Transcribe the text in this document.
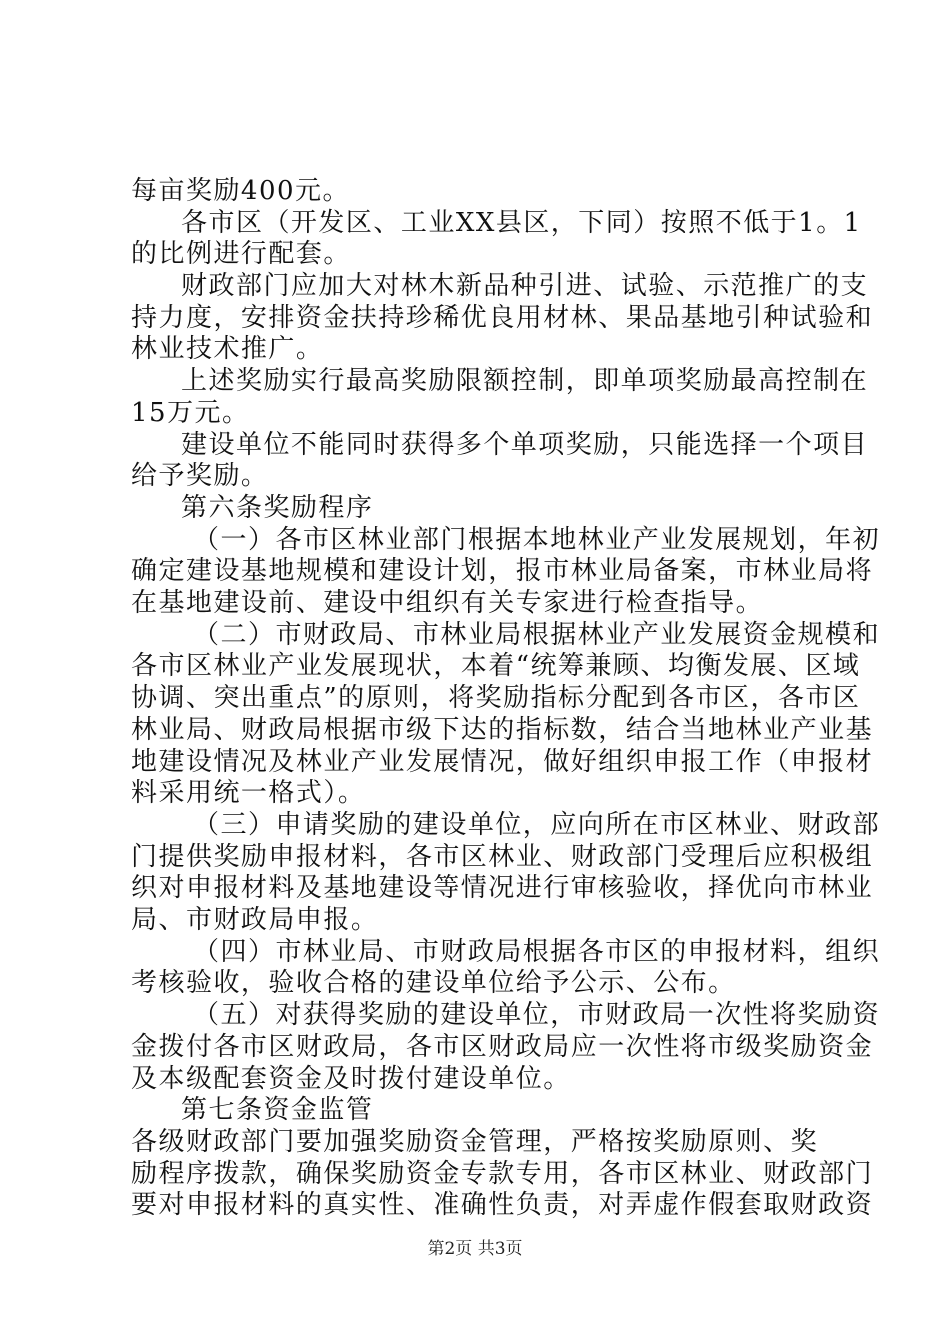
每亩奖励400元。
各市区（开发区、工业XX县区，下同）按照不低于1。1
的比例进行配套。
财政部门应加大对林木新品种引进、试验、示范推广的支
持力度，安排资金扶持珍稀优良用材林、果品基地引种试验和
林业技术推广。
上述奖励实行最高奖励限额控制，即单项奖励最高控制在
15万元。
建设单位不能同时获得多个单项奖励，只能选择一个项目
给予奖励。
第六条奖励程序
（一）各市区林业部门根据本地林业产业发展规划，年初
确定建设基地规模和建设计划，报市林业局备案，市林业局将
在基地建设前、建设中组织有关专家进行检查指导。
（二）市财政局、市林业局根据林业产业发展资金规模和
各市区林业产业发展现状，本着“统筹兼顾、均衡发展、区域
协调、突出重点”的原则，将奖励指标分配到各市区，各市区
林业局、财政局根据市级下达的指标数，结合当地林业产业基
地建设情况及林业产业发展情况，做好组织申报工作（申报材
料采用统一格式）。
（三）申请奖励的建设单位，应向所在市区林业、财政部
门提供奖励申报材料，各市区林业、财政部门受理后应积极组
织对申报材料及基地建设等情况进行审核验收，择优向市林业
局、市财政局申报。
（四）市林业局、市财政局根据各市区的申报材料，组织
考核验收，验收合格的建设单位给予公示、公布。
（五）对获得奖励的建设单位，市财政局一次性将奖励资
金拨付各市区财政局，各市区财政局应一次性将市级奖励资金
及本级配套资金及时拨付建设单位。
第七条资金监管
各级财政部门要加强奖励资金管理，严格按奖励原则、奖
励程序拨款，确保奖励资金专款专用，各市区林业、财政部门
要对申报材料的真实性、准确性负责，对弄虚作假套取财政资
第2页 共3页
